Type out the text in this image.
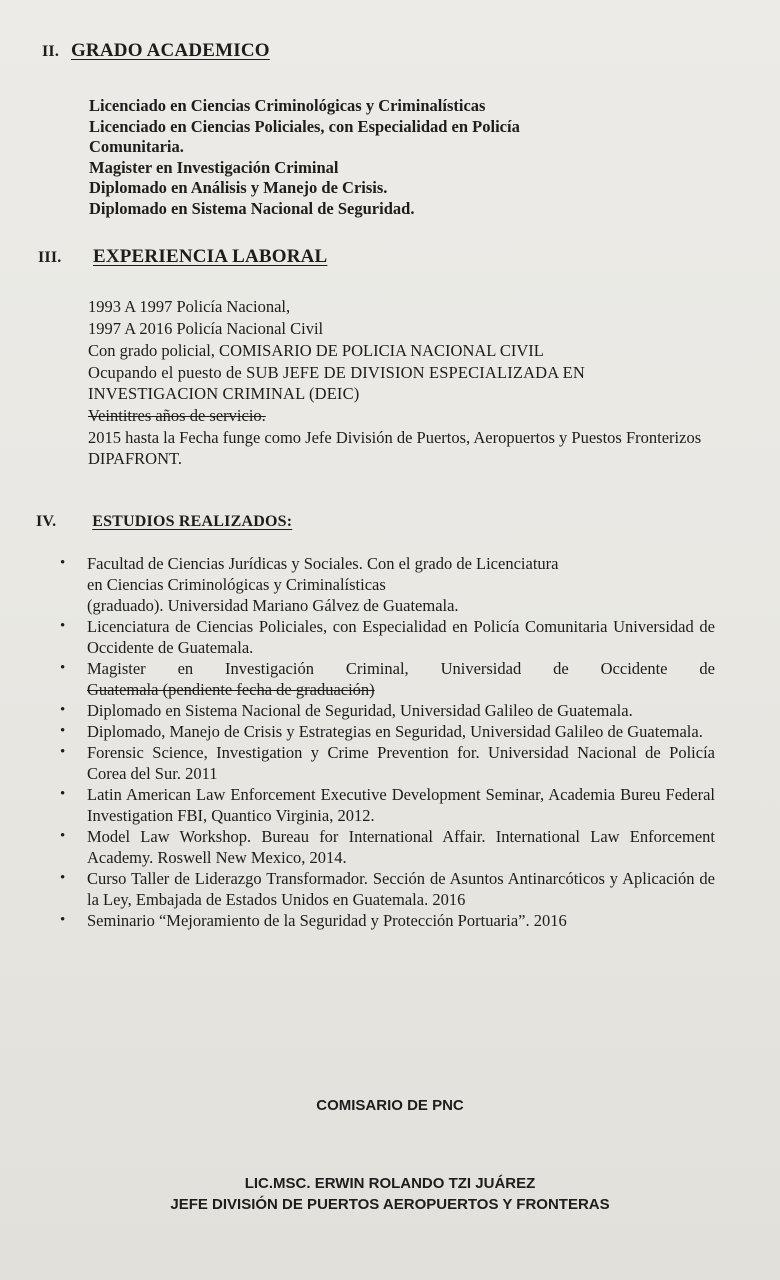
II. GRADO ACADEMICO
Licenciado en Ciencias Criminológicas y Criminalísticas
Licenciado en Ciencias Policiales, con Especialidad en Policía
Comunitaria.
Magister en Investigación Criminal
Diplomado en Análisis y Manejo de Crisis.
Diplomado en Sistema Nacional de Seguridad.
III. EXPERIENCIA LABORAL
1993 A 1997 Policía Nacional,
1997 A 2016 Policía Nacional Civil
Con grado policial, COMISARIO DE POLICIA NACIONAL CIVIL
Ocupando el puesto de SUB JEFE DE DIVISION ESPECIALIZADA EN INVESTIGACION CRIMINAL (DEIC)
Veintitres años de servicio.
2015 hasta la Fecha funge como Jefe División de Puertos, Aeropuertos y Puestos Fronterizos DIPAFRONT.
IV. ESTUDIOS REALIZADOS:
• Facultad de Ciencias Jurídicas y Sociales. Con el grado de Licenciatura
en Ciencias Criminológicas y Criminalísticas
(graduado). Universidad Mariano Gálvez de Guatemala.
• Licenciatura de Ciencias Policiales, con Especialidad en Policía Comunitaria Universidad de Occidente de Guatemala.
• Magister en Investigación Criminal, Universidad de Occidente de
Guatemala (pendiente fecha de graduación)
• Diplomado en Sistema Nacional de Seguridad, Universidad Galileo de Guatemala.
• Diplomado, Manejo de Crisis y Estrategias en Seguridad, Universidad Galileo de Guatemala.
• Forensic Science, Investigation y Crime Prevention for. Universidad Nacional de Policía Corea del Sur. 2011
• Latin American Law Enforcement Executive Development Seminar, Academia Bureu Federal Investigation FBI, Quantico Virginia, 2012.
• Model Law Workshop. Bureau for International Affair. International Law Enforcement Academy. Roswell New Mexico, 2014.
• Curso Taller de Liderazgo Transformador. Sección de Asuntos Antinarcóticos y Aplicación de la Ley, Embajada de Estados Unidos en Guatemala. 2016
• Seminario “Mejoramiento de la Seguridad y Protección Portuaria”. 2016
COMISARIO DE PNC
LIC.MSC. ERWIN ROLANDO TZI JUÁREZ
JEFE DIVISIÓN DE PUERTOS AEROPUERTOS Y FRONTERAS
